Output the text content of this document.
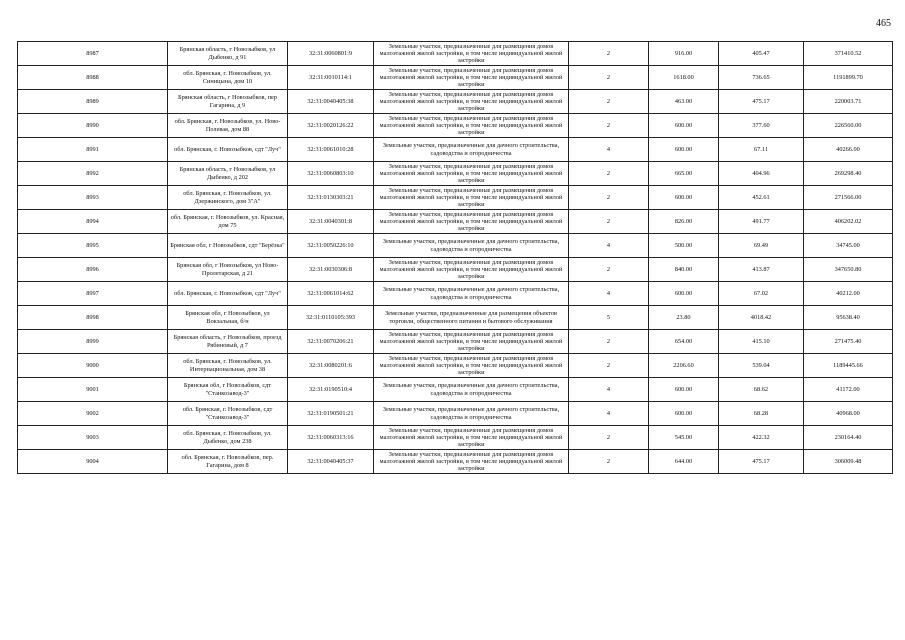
465
8987	Брянская область, г Новозыбков, ул Дыбенко, д 91	32:31:0060801:9	Земельные участки, предназначенные для размещения домов малоэтажной жилой застройки, в том числе индивидуальной жилой застройки	2	916.00	405.47	371410.52
8988	обл. Брянская, г. Новозыбков, ул. Синицына, дом 10	32:31:0010114:1	Земельные участки, предназначенные для размещения домов малоэтажной жилой застройки, в том числе индивидуальной жилой застройки	2	1618.00	736.65	1191899.70
8989	Брянская область, г Новозыбков, пер Гагарина, д 9	32:31:0040405:38	Земельные участки, предназначенные для размещения домов малоэтажной жилой застройки, в том числе индивидуальной жилой застройки	2	463.00	475.17	220003.71
8990	обл. Брянская, г. Новозыбков, ул. Ново-Полевая, дом 88	32:31:0020126:22	Земельные участки, предназначенные для размещения домов малоэтажной жилой застройки, в том числе индивидуальной жилой застройки	2	600.00	377.60	226560.00
8991	обл. Брянская, г. Новозыбков, сдт "Луч"	32:31:0061010:28	Земельные участки, предназначенные для дачного строительства, садоводства и огородничества	4	600.00	67.11	40266.00
8992	Брянская область, г Новозыбков, ул Дыбенко, д 202	32:31:0060803:10	Земельные участки, предназначенные для размещения домов малоэтажной жилой застройки, в том числе индивидуальной жилой застройки	2	665.00	404.96	269298.40
8993	обл. Брянская, г. Новозыбков, ул. Дзержинского, дом 3"А"	32:31:0130303:21	Земельные участки, предназначенные для размещения домов малоэтажной жилой застройки, в том числе индивидуальной жилой застройки	2	600.00	452.61	271566.00
8994	обл. Брянская, г. Новозыбков, ул. Красная, дом 75	32:31:0040301:8	Земельные участки, предназначенные для размещения домов малоэтажной жилой застройки, в том числе индивидуальной жилой застройки	2	826.00	491.77	406202.02
8995	Брянская обл, г Новозыбков, сдт "Берёзка"	32:31:0050226:10	Земельные участки, предназначенные для дачного строительства, садоводства и огородничества	4	500.00	69.49	34745.00
8996	Брянская обл, г Новозыбков, ул Ново-Пролетарская, д 21	32:31:0030306:8	Земельные участки, предназначенные для размещения домов малоэтажной жилой застройки, в том числе индивидуальной жилой застройки	2	840.00	413.87	347650.80
8997	обл. Брянская, г. Новозыбков, сдт "Луч"	32:31:0061014:62	Земельные участки, предназначенные для дачного строительства, садоводства и огородничества	4	600.00	67.02	40212.00
8998	Брянская обл, г Новозыбков, ул Вокзальная, б/н	32:31:0110105:393	Земельные участки, предназначенные для размещения объектов торговли, общественного питания и бытового обслуживания	5	23.80	4018.42	95638.40
8999	Брянская область, г Новозыбков, проезд Рябиновый, д 7	32:31:0070206:21	Земельные участки, предназначенные для размещения домов малоэтажной жилой застройки, в том числе индивидуальной жилой застройки	2	654.00	415.10	271475.40
9000	обл. Брянская, г. Новозыбков, ул. Интернациональная, дом 38	32:31:0080201:6	Земельные участки, предназначенные для размещения домов малоэтажной жилой застройки, в том числе индивидуальной жилой застройки	2	2206.60	539.04	1189445.66
9001	Брянская обл, г Новозыбков, сдт "Станкозавод-3"	32:31:0190510:4	Земельные участки, предназначенные для дачного строительства, садоводства и огородничества	4	600.00	68.62	41172.00
9002	обл. Брянская, г. Новозыбков, сдт "Станкозавод-3"	32:31:0190501:21	Земельные участки, предназначенные для дачного строительства, садоводства и огородничества	4	600.00	68.28	40968.00
9003	обл. Брянская, г. Новозыбков, ул. Дыбенко, дом 238	32:31:0060313:16	Земельные участки, предназначенные для размещения домов малоэтажной жилой застройки, в том числе индивидуальной жилой застройки	2	545.00	422.32	230164.40
9004	обл. Брянская, г. Новозыбков, пер. Гагарина, дом 8	32:31:0040405:37	Земельные участки, предназначенные для размещения домов малоэтажной жилой застройки, в том числе индивидуальной жилой застройки	2	644.00	475.17	306009.48
